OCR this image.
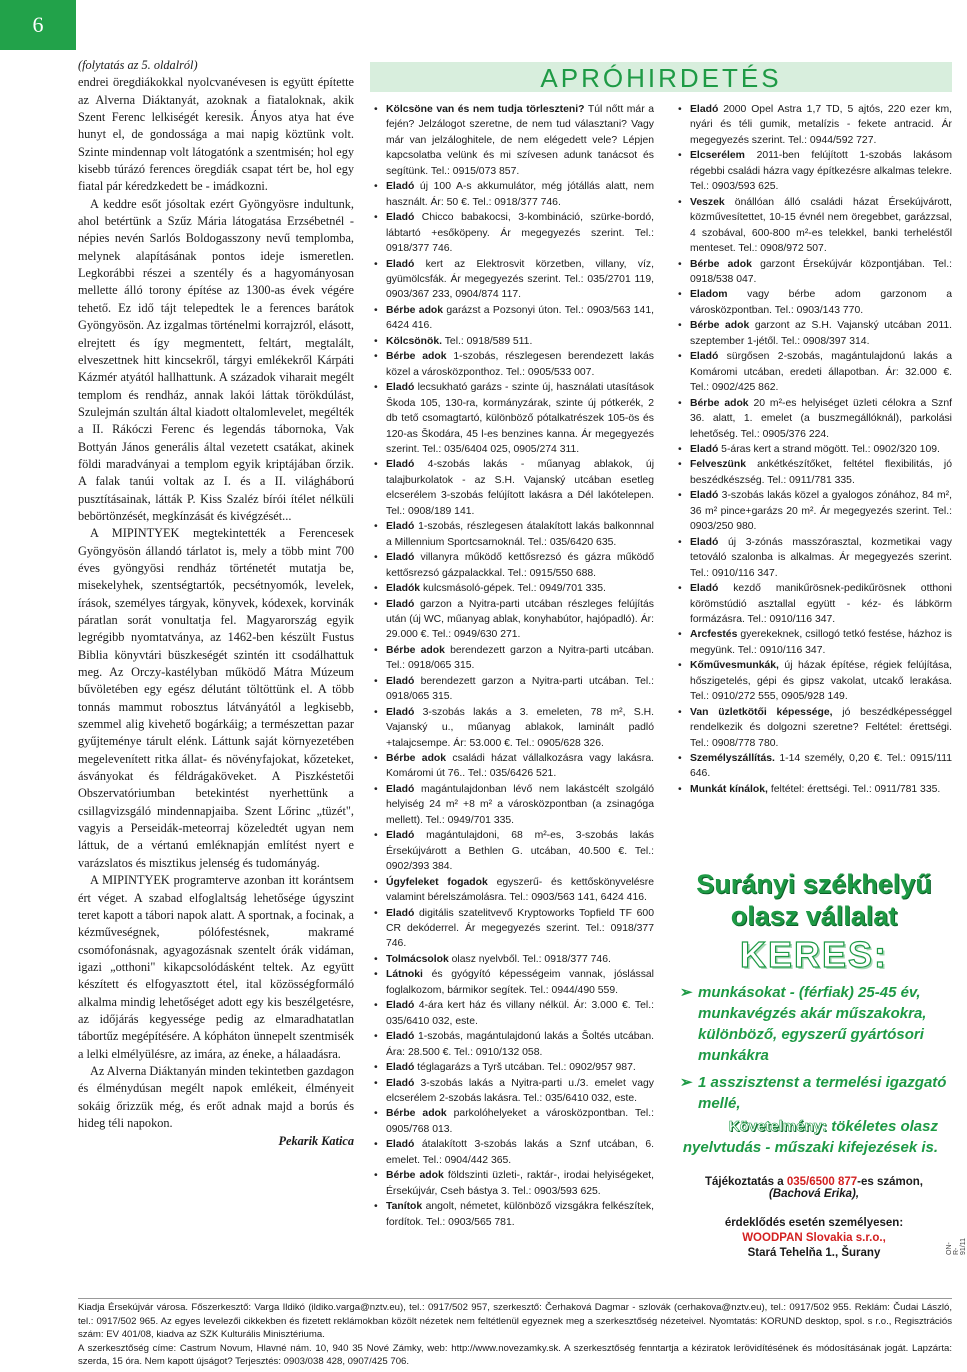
6

(folytatás az 5. oldalról)

endrei öregdiákokkal nyolcvanévesen is együtt építette az Alverna Diáktanyát, azoknak a fiataloknak, akik Szent Ferenc lelkiségét keresik. Ányos atya hat éve hunyt el, de gondossága a mai napig köztünk volt. Szinte mindennap volt látogatónk a szentmisén; hol egy kisebb túrázó ferences öregdiák csapat tért be, hol egy fiatal pár kéredzkedett be - imádkozni.

A keddre esőt jósoltak ezért Gyöngyösre indultunk, ahol betértünk a Szűz Mária látogatása Erzsébetnél - népies nevén Sarlós Boldogasszony nevű templomba, melynek alapításának pontos ideje ismeretlen. Legkorábbi részei a szentély és a hagyományosan mellette álló torony építése az 1300-as évek végére tehető. Ez idő tájt telepedtek le a ferences barátok Gyöngyösön. Az izgalmas történelmi korrajzról, elásott, elrejtett és így megmentett, feltárt, megtalált, elveszettnek hitt kincsekről, tárgyi emlékekről Kárpáti Kázmér atyától hallhattunk. A századok viharait megélt templom és rendház, annak lakói láttak törökdúlást, Szulejmán szultán által kiadott oltalomlevelet, megélték a II. Rákóczi Ferenc és legendás tábornoka, Vak Bottyán János generális által vezetett csatákat, akinek földi maradványai a templom egyik kriptájában őrzik. A falak tanúi voltak az I. és a II. világháború pusztításainak, látták P. Kiss Szaléz bírói ítélet nélküli bebörtönzését, megkínzását és kivégzését...

A MIPINTYEK megtekintették a Ferencesek Gyöngyösön állandó tárlatot is, mely a több mint 700 éves gyöngyösi rendház történetét mutatja be, misekelyhek, szentségtartók, pecsétnyomók, levelek, írások, személyes tárgyak, könyvek, kódexek, korvinák páratlan sorát vonultatja fel. Magyarország egyik legrégibb nyomtatványa, az 1462-ben készült Fustus Biblia könyvtári büszkeségét szintén itt csodálhattuk meg. Az Orczy-kastélyban működő Mátra Múzeum bűvöletében egy egész délutánt töltöttünk el. A több tonnás mammut robosztus látványától a legkisebb, szemmel alig kivehető bogárkáig; a természettan pazar gyűjteménye tárult elénk. Láttunk saját környezetében megelevenített ritka állat- és növényfajokat, kőzeteket, ásványokat és féldrágaköveket. A Piszkéstetői Obszervatóriumban betekintést nyerhettünk a csillagvizsgáló mindennapjaiba. Szent Lőrinc „tüzét", vagyis a Perseidák-meteorraj közeledtét ugyan nem láttuk, de a vértanú emléknapján említést nyert e varázslatos és misztikus jelenség és tudományág.

A MIPINTYEK programterve azonban itt korántsem ért véget. A szabad elfoglaltság lehetősége úgyszint teret kapott a tábori napok alatt. A sportnak, a focinak, a kézműveségnek, pólófestésnek, makramé csomófonásnak, agyagozásnak szentelt órák vidáman, igazi „otthoni" kikapcsolódásként teltek. Az együtt készített és elfogyasztott étel, ital közösségformáló alkalma mindig lehetőséget adott egy kis beszélgetésre, az időjárás kegyessége pedig az elmaradhatatlan tábortűz megépítésére. A kópháton ünnepelt szentmisék a lelki elmélyülésre, az imára, az éneke, a hálaadásra.

Az Alverna Diáktanyán minden tekintetben gazdagon és élménydúsan megélt napok emlékeit, élményeit sokáig őrizzük még, és erőt adnak majd a borús és hideg téli napokon.

Pekarik Katica

APRÓHIRDETÉS
• Kölcsöne van és nem tudja törleszteni? Túl nőtt már a fején? Jelzálogot szeretne, de nem tud választani? Vagy már van jelzáloghitele, de nem elégedett vele? Lépjen kapcsolatba velünk és mi szívesen adunk tanácsot és segítünk. Tel.: 0915/073 857.
• Eladó új 100 A-s akkumulátor, még jótállás alatt, nem használt. Ár: 50 €. Tel.: 0918/377 746.
• Eladó Chicco babakocsi, 3-kombináció, szürke-bordó, lábtartó +esőköpeny. Ár megegyezés szerint. Tel.: 0918/377 746.
• Eladó kert az Elektrosvit körzetben, villany, víz, gyümölcsfák. Ár megegyezés szerint. Tel.: 035/2701 119, 0903/367 233, 0904/874 117.
• Bérbe adok garázst a Pozsonyi úton. Tel.: 0903/563 141, 6424 416.
• Kölcsönök. Tel.: 0918/589 511.
• Bérbe adok 1-szobás, részlegesen berendezett lakás közel a városközponthoz. Tel.: 0905/533 007.
• Eladó lecsukható garázs - szinte új, használati utasítások Škoda 105, 130-ra, kormányzárak, szinte új pótkerék, 2 db tető csomagtartó, különböző pótalkatrészek 105-ös és 120-as Škodára, 45 l-es benzines kanna. Ár megegyezés szerint. Tel.: 035/6404 025, 0905/274 311.
• Eladó 4-szobás lakás - műanyag ablakok, új talajburkolatok - az S.H. Vajanský utcában esetleg elcserélem 3-szobás felújított lakásra a Dél lakótelepen. Tel.: 0908/189 141.
• Eladó 1-szobás, részlegesen átalakított lakás balkonnnal a Millennium Sportcsarnoknál. Tel.: 035/6420 635.
• Eladó villanyra működő kettősrezsó és gázra működő kettősrezsó gázpalackkal. Tel.: 0915/550 688.
• Eladók kulcsmásoló-gépek. Tel.: 0949/701 335.
• Eladó garzon a Nyitra-parti utcában részleges felújítás után (új WC, műanyag ablak, konyhabútor, hajópadló). Ár: 29.000 €. Tel.: 0949/630 271.
• Bérbe adok berendezett garzon a Nyitra-parti utcában. Tel.: 0918/065 315.
• Eladó berendezett garzon a Nyitra-parti utcában. Tel.: 0918/065 315.
• Eladó 3-szobás lakás a 3. emeleten, 78 m², S.H. Vajanský u., műanyag ablakok, laminált padló +talajcsempe. Ár: 53.000 €. Tel.: 0905/628 326.
• Bérbe adok családi házat vállalkozásra vagy lakásra. Komáromi út 76.. Tel.: 035/6426 521.
• Eladó magántulajdonban lévő nem lakástcélt szolgáló helyiség 24 m² +8 m² a városközpontban (a zsinagóga mellett). Tel.: 0949/701 335.
• Eladó magántulajdoni, 68 m²-es, 3-szobás lakás Érsekújvárott a Bethlen G. utcában, 40.500 €. Tel.: 0902/393 384.
• Úgyfeleket fogadok egyszerű- és kettőskönyvelésre valamint bérelszámolásra. Tel.: 0903/563 141, 6424 416.
• Eladó digitális szatelitvevő Kryptoworks Topfield TF 600 CR dekóderrel. Ár megegyezés szerint. Tel.: 0918/377 746.
• Tolmácsolok olasz nyelvből. Tel.: 0918/377 746.
• Látnoki és gyógyító képességeim vannak, jóslással foglalkozom, bármikor segítek. Tel.: 0944/490 559.
• Eladó 4-ára kert ház és villany nélkül. Ár: 3.000 €. Tel.: 035/6410 032, este.
• Eladó 1-szobás, magántulajdonú lakás a Šoltés utcában. Ára: 28.500 €. Tel.: 0910/132 058.
• Eladó téglagarázs a Tyrš utcában. Tel.: 0902/957 987.
• Eladó 3-szobás lakás a Nyitra-parti u./3. emelet vagy elcserélem 2-szobás lakásra. Tel.: 035/6410 032, este.
• Bérbe adok parkolóhelyeket a városközpontban. Tel.: 0905/768 013.
• Eladó átalakított 3-szobás lakás a Sznf utcában, 6. emelet. Tel.: 0904/442 365.
• Bérbe adok földszinti üzleti-, raktár-, irodai helyiségeket, Érsekújvár, Cseh bástya 3. Tel.: 0903/593 625.
• Tanítok angolt, németet, különböző vizsgákra felkészítek, fordítok. Tel.: 0903/565 781.
• Eladó 2000 Opel Astra 1,7 TD, 5 ajtós, 220 ezer km, nyári és téli gumik, metalízis - fekete antracid. Ár megegyezés szerint. Tel.: 0944/592 727.
• Elcserélem 2011-ben felújított 1-szobás lakásom régebbi családi házra vagy építkezésre alkalmas telekre. Tel.: 0903/593 625.
• Veszek önállóan álló családi házat Érsekújvárott, közművesítettet, 10-15 évnél nem öregebbet, garázzsal, 4 szobával, 600-800 m²-es telekkel, banki terheléstől menteset. Tel.: 0908/972 507.
• Bérbe adok garzont Érsekújvár központjában. Tel.: 0918/538 047.
• Eladom vagy bérbe adom garzonom a városközpontban. Tel.: 0903/143 770.
• Bérbe adok garzont az S.H. Vajanský utcában 2011. szeptember 1-jétől. Tel.: 0908/397 314.
• Eladó sürgősen 2-szobás, magántulajdonú lakás a Komáromi utcában, eredeti állapotban. Ár: 32.000 €. Tel.: 0902/425 862.
• Bérbe adok 20 m²-es helyiséget üzleti célokra a Sznf 36. alatt, 1. emelet (a buszmegállóknál), parkolási lehetőség. Tel.: 0905/376 224.
• Eladó 5-áras kert a strand mögött. Tel.: 0902/320 109.
• Felveszünk ankétkészítőket, feltétel flexibilitás, jó beszédkészség. Tel.: 0911/781 335.
• Eladó 3-szobás lakás közel a gyalogos zónához, 84 m², 36 m² pince+garázs 20 m². Ár megegyezés szerint. Tel.: 0903/250 980.
• Eladó új 3-zónás masszórasztal, kozmetikai vagy tetováló szalonba is alkalmas. Ár megegyezés szerint. Tel.: 0910/116 347.
• Eladó kezdő manikűrösnek-pedikűrösnek otthoni körömstúdió asztallal együtt - kéz- és lábkörm formázásra. Tel.: 0910/116 347.
• Arcfestés gyerekeknek, csillogó tetkó festése, házhoz is megyünk. Tel.: 0910/116 347.
• Kőművesmunkák, új házak építése, régiek felújítása, hőszigetelés, gépi és gipsz vakolat, utcakő lerakása. Tel.: 0910/272 555, 0905/928 149.
• Van üzletkötői képessége, jó beszédképességgel rendelkezik és dolgozni szeretne? Feltétel: érettségi. Tel.: 0908/778 780.
• Személyszállítás. 1-14 személy, 0,20 €. Tel.: 0915/111 646.
• Munkát kínálok, feltétel: érettségi. Tel.: 0911/781 335.
Surányi székhelyű
olasz vállalat
KERES:
➢ munkásokat - (férfiak) 25-45 év, munkavégzés akár műszakokra, különböző, egyszerű gyártósori munkákra
➢ 1 asszisztenst a termelési igazgató mellé,
Követelmény: tökéletes olasz nyelvtudás - műszaki kifejezések is.
Tájékoztatás a 035/6500 877-es számon,
(Bachová Erika),
érdeklődés esetén személyesen:
WOODPAN Slovakia s.r.o.,
Stará Tehelňa 1., Šurany	ON-R-91/11

Kiadja Érsekújvár városa. Főszerkesztő: Varga Ildikó (ildiko.varga@nztv.eu), tel.: 0917/502 957, szerkesztő: Čerhaková Dagmar - szlovák (cerhakova@nztv.eu), tel.: 0917/502 955. Reklám: Čudai László, tel.: 0917/502 965. Az egyes levelezői cikkekben és fizetett reklámokban közölt nézetek nem feltétlenül egyeznek meg a szerkesztőség nézeteivel. Nyomtatás: KORUND desktop, spol. s r.o., Regisztrációs szám: EV 401/08, kiadva az SZK Kulturális Minisztériuma.

A szerkesztőség címe: Castrum Novum, Hlavné nám. 10, 940 35 Nové Zámky, web: http://www.novezamky.sk. A szerkesztőség fenntartja a kéziratok lerövidítésének és módosításának jogát. Lapzárta: szerda, 15 óra. Nem kapott újságot? Terjesztés: 0903/038 428, 0907/425 706.
